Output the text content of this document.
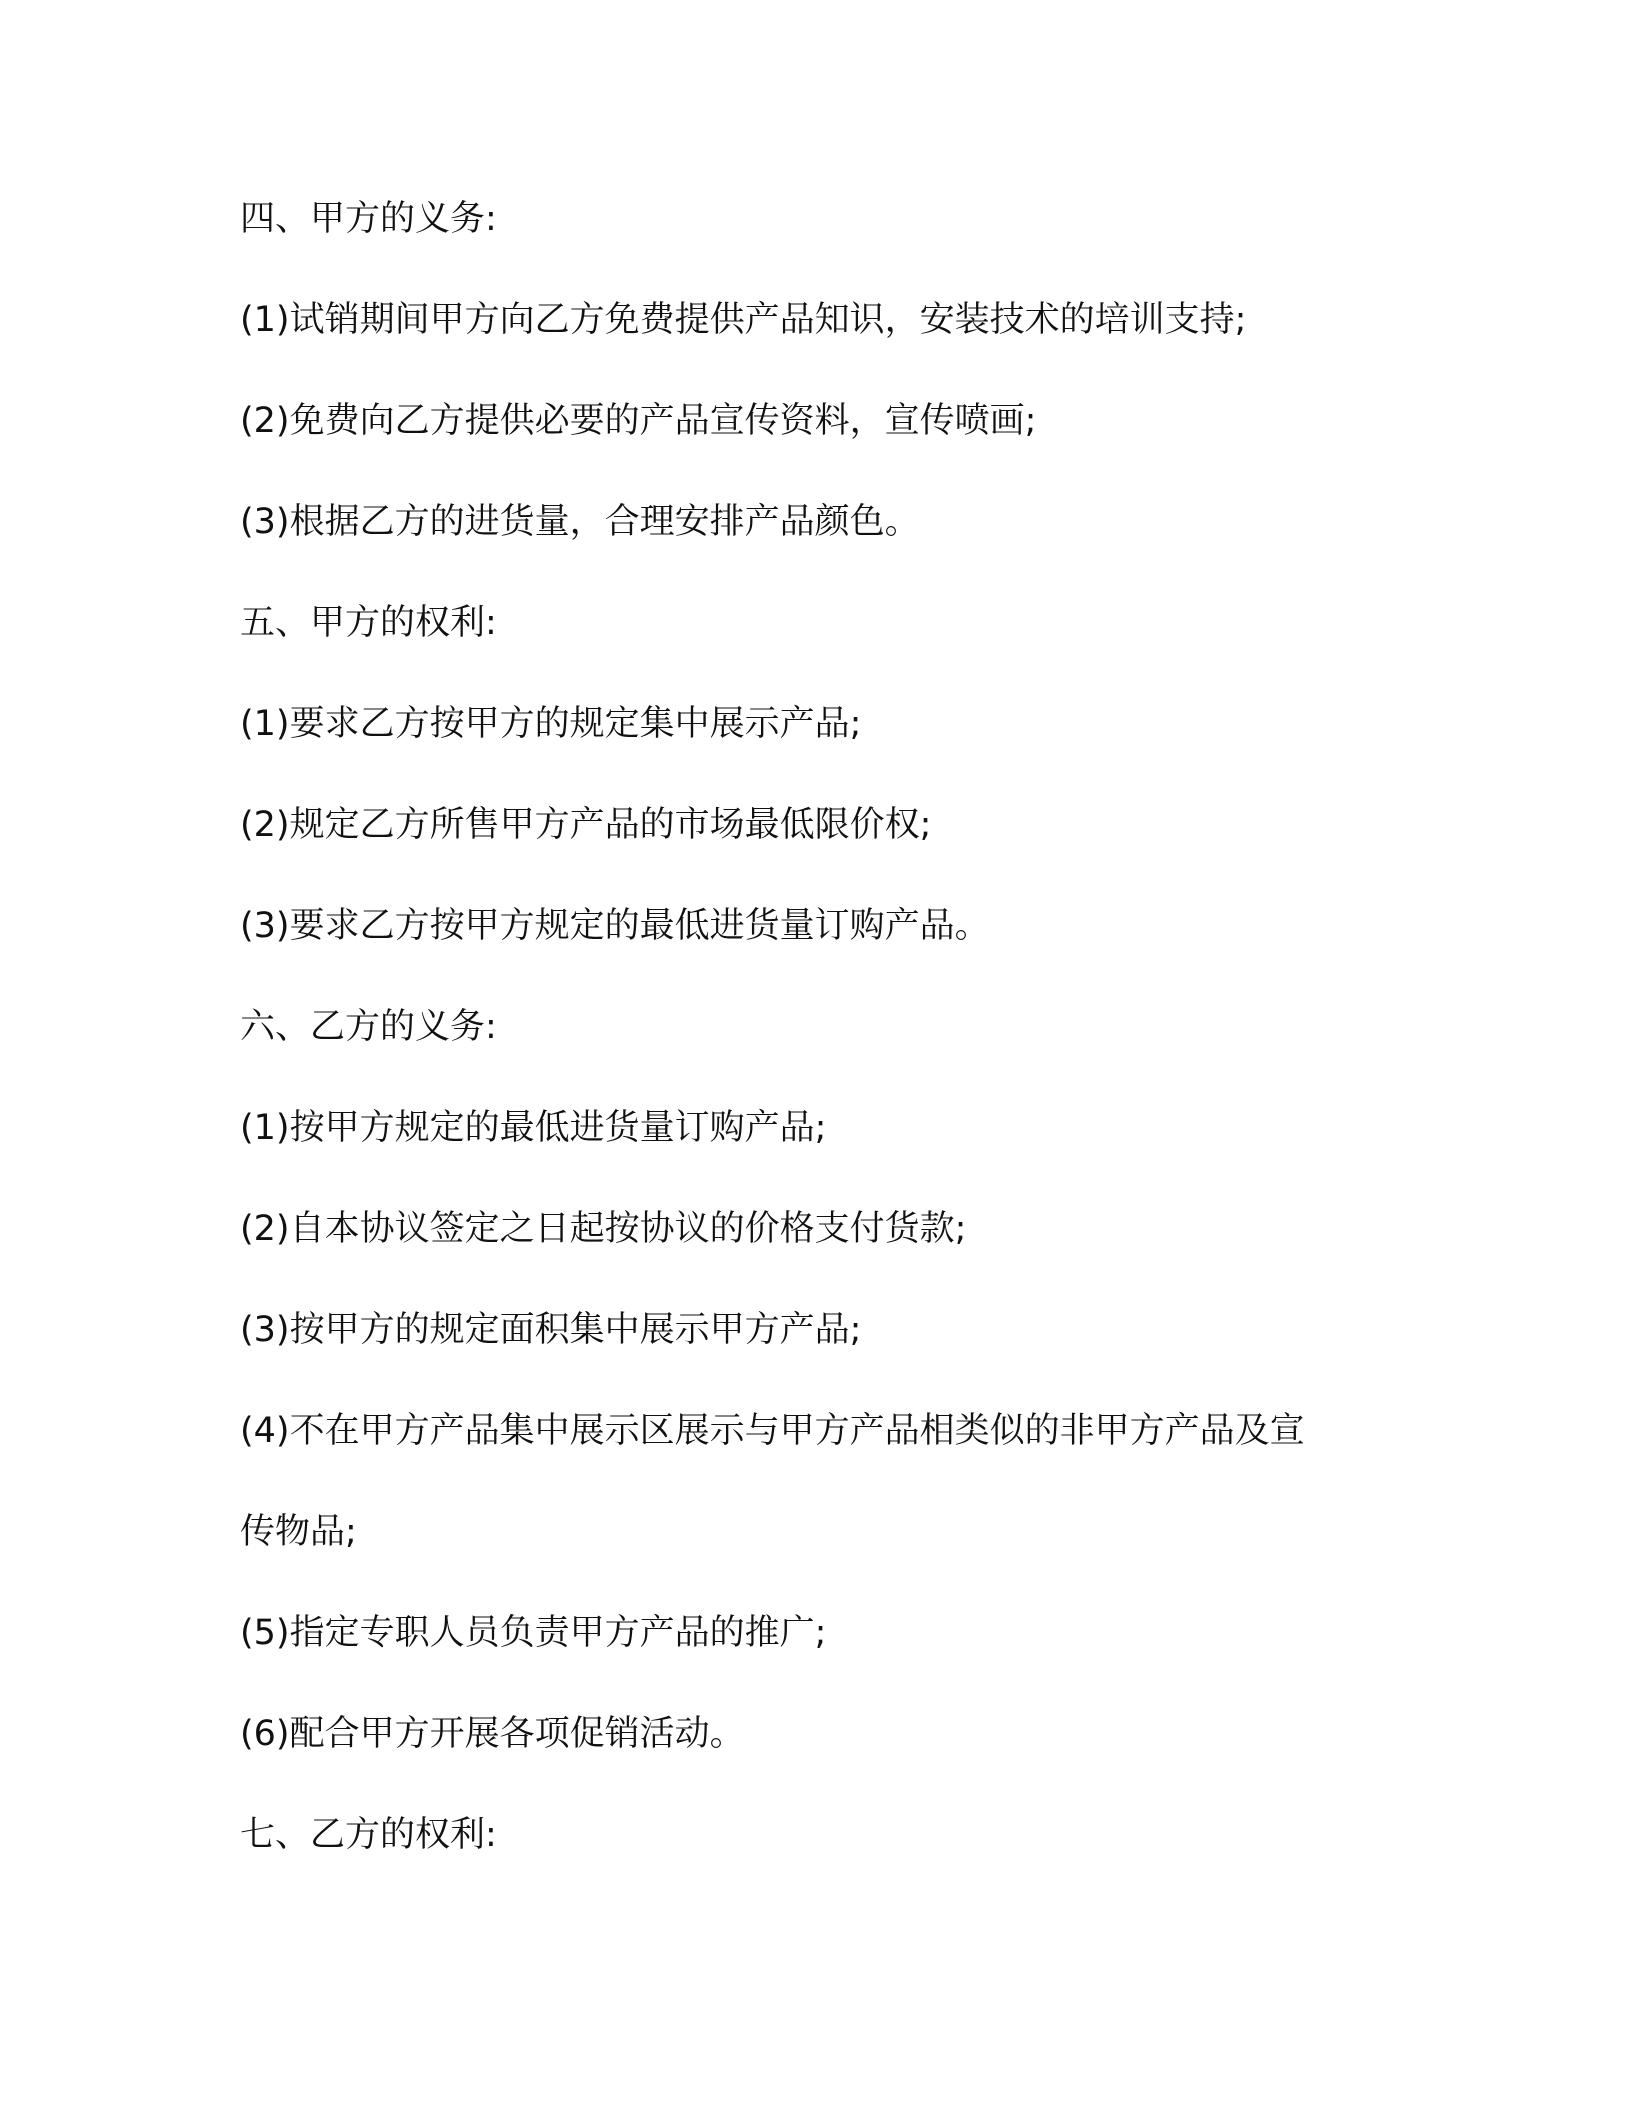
四、甲方的义务:

(1)试销期间甲方向乙方免费提供产品知识，安装技术的培训支持;

(2)免费向乙方提供必要的产品宣传资料，宣传喷画;

(3)根据乙方的进货量，合理安排产品颜色。

五、甲方的权利:

(1)要求乙方按甲方的规定集中展示产品;

(2)规定乙方所售甲方产品的市场最低限价权;

(3)要求乙方按甲方规定的最低进货量订购产品。

六、乙方的义务:

(1)按甲方规定的最低进货量订购产品;

(2)自本协议签定之日起按协议的价格支付货款;

(3)按甲方的规定面积集中展示甲方产品;

(4)不在甲方产品集中展示区展示与甲方产品相类似的非甲方产品及宣

传物品;

(5)指定专职人员负责甲方产品的推广;

(6)配合甲方开展各项促销活动。

七、乙方的权利:
